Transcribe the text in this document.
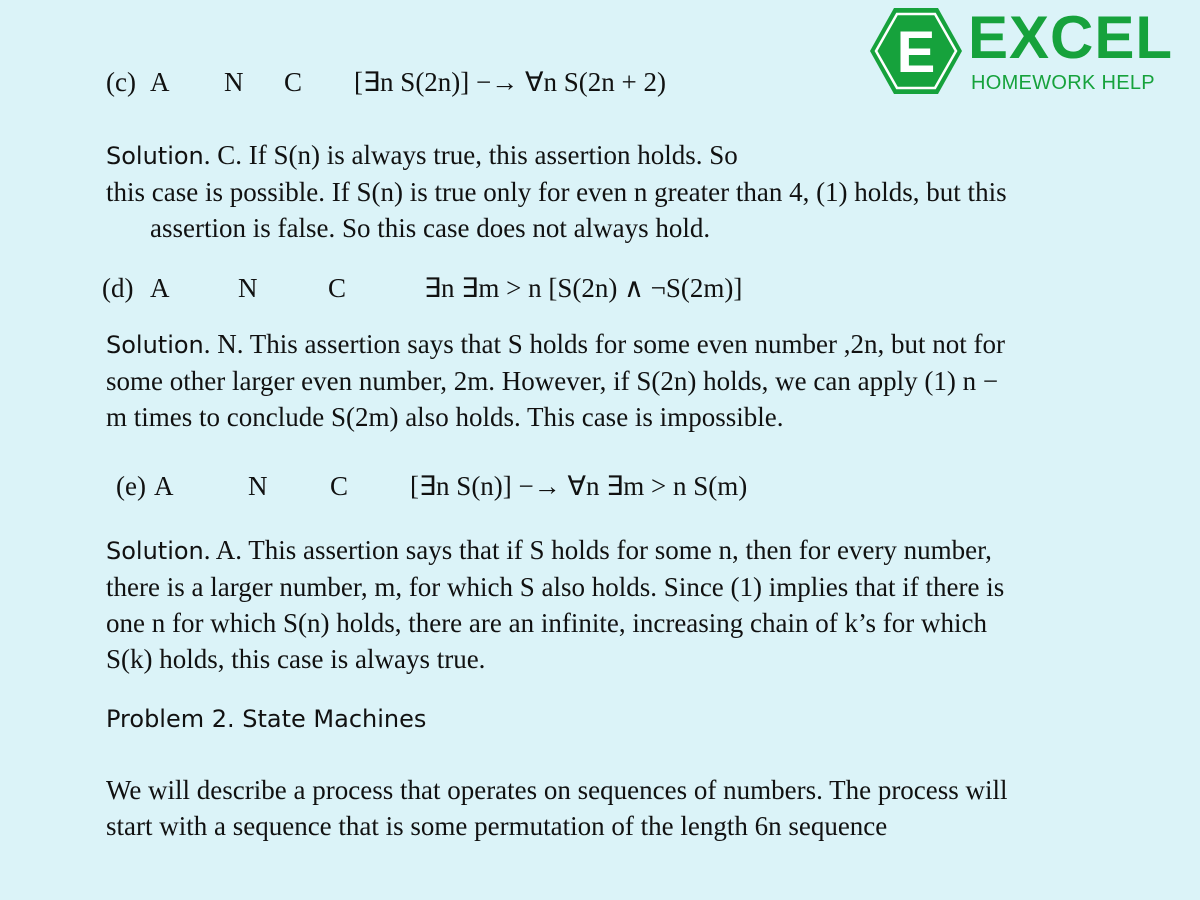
E EXCEL
HOMEWORK HELP
(c) A N C [∃n S(2n)] −→ ∀n S(2n + 2)
Solution. C. If S(n) is always true, this assertion holds. So
this case is possible. If S(n) is true only for even n greater than 4, (1) holds, but this
assertion is false. So this case does not always hold.
(d) A	N	C	∃n ∃m > n [S(2n) ∧ ¬S(2m)]
Solution. N. This assertion says that S holds for some even number ,2n, but not for
some other larger even number, 2m. However, if S(2n) holds, we can apply (1) n −
m times to conclude S(2m) also holds. This case is impossible.
(e) A	N C [∃n S(n)] −→ ∀n ∃m > n S(m)
Solution. A. This assertion says that if S holds for some n, then for every number,
there is a larger number, m, for which S also holds. Since (1) implies that if there is
one n for which S(n) holds, there are an infinite, increasing chain of k’s for which
S(k) holds, this case is always true.
Problem 2. State Machines
We will describe a process that operates on sequences of numbers. The process will
start with a sequence that is some permutation of the length 6n sequence
